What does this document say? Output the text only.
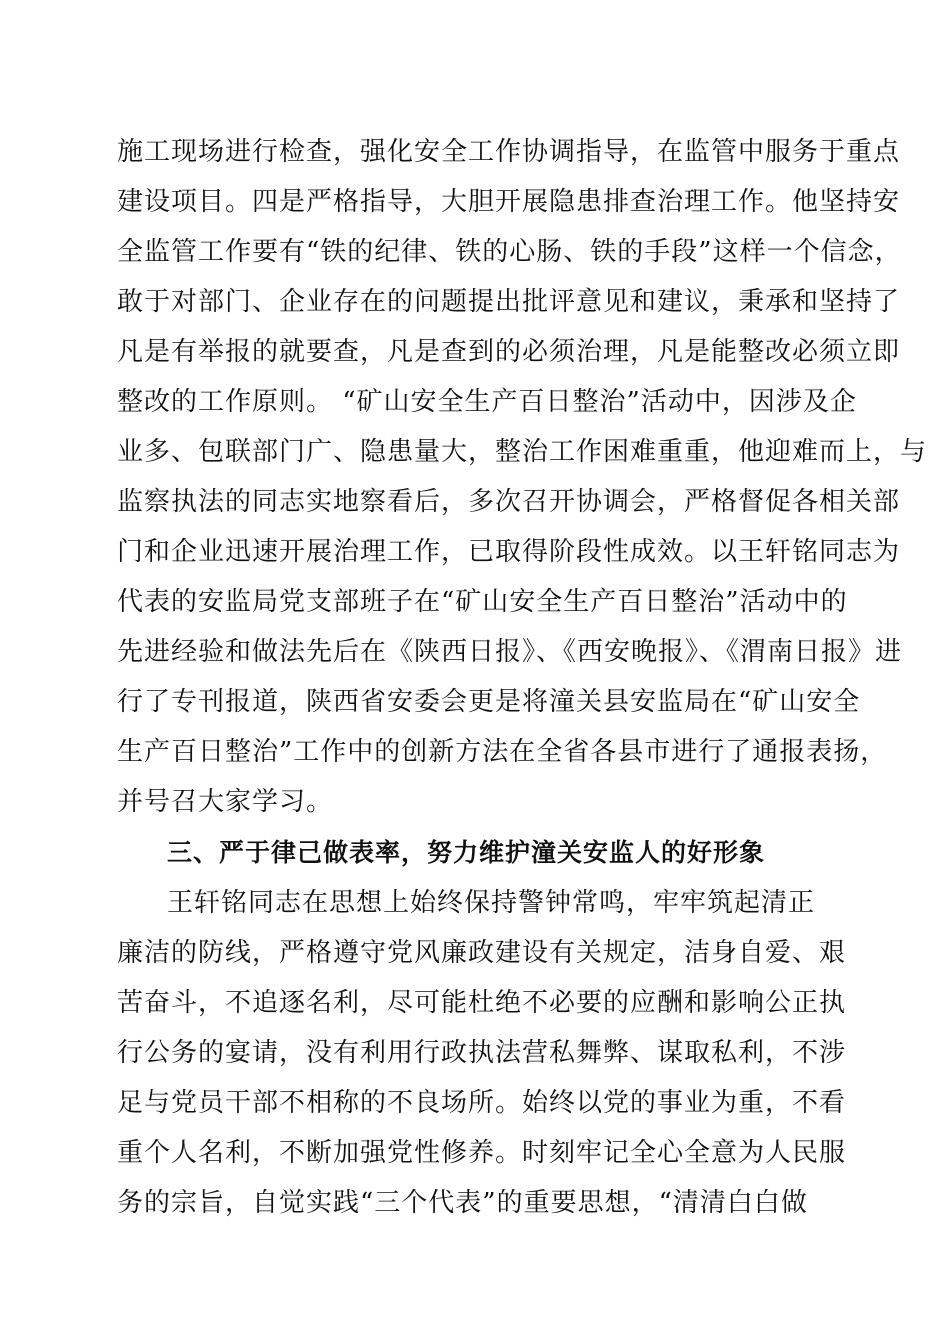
施工现场进行检查，强化安全工作协调指导，在监管中服务于重点
建设项目。四是严格指导，大胆开展隐患排查治理工作。他坚持安
全监管工作要有“铁的纪律、铁的心肠、铁的手段”这样一个信念，
敢于对部门、企业存在的问题提出批评意见和建议，秉承和坚持了
凡是有举报的就要查，凡是查到的必须治理，凡是能整改必须立即
整改的工作原则。 “矿山安全生产百日整治”活动中，因涉及企
业多、包联部门广、隐患量大，整治工作困难重重，他迎难而上，与
监察执法的同志实地察看后，多次召开协调会，严格督促各相关部
门和企业迅速开展治理工作，已取得阶段性成效。以王轩铭同志为
代表的安监局党支部班子在“矿山安全生产百日整治”活动中的
先进经验和做法先后在《陕西日报》、《西安晚报》、《渭南日报》进
行了专刊报道，陕西省安委会更是将潼关县安监局在“矿山安全
生产百日整治”工作中的创新方法在全省各县市进行了通报表扬，
并号召大家学习。
三、严于律己做表率，努力维护潼关安监人的好形象
王轩铭同志在思想上始终保持警钟常鸣，牢牢筑起清正
廉洁的防线，严格遵守党风廉政建设有关规定，洁身自爱、艰
苦奋斗，不追逐名利，尽可能杜绝不必要的应酬和影响公正执
行公务的宴请，没有利用行政执法营私舞弊、谋取私利，不涉
足与党员干部不相称的不良场所。始终以党的事业为重，不看
重个人名利，不断加强党性修养。时刻牢记全心全意为人民服
务的宗旨，自觉实践“三个代表”的重要思想，“清清白白做
